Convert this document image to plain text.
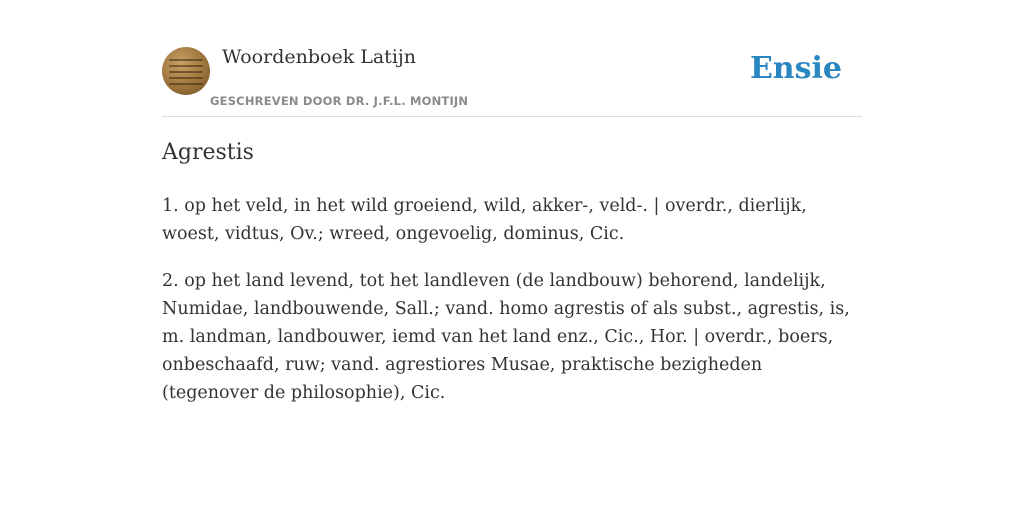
Woordenboek Latijn
GESCHREVEN DOOR DR. J.F.L. MONTIJN
Ensie
Agrestis

1. op het veld, in het wild groeiend, wild, akker-, veld-. | overdr., dierlijk, woest, vidtus, Ov.; wreed, ongevoelig, dominus, Cic.

2. op het land levend, tot het landleven (de landbouw) behorend, landelijk, Numidae, landbouwende, Sall.; vand. homo agrestis of als subst., agrestis, is, m. landman, landbouwer, iemd van het land enz., Cic., Hor. | overdr., boers, onbeschaafd, ruw; vand. agrestiores Musae, praktische bezigheden (tegenover de philosophie), Cic.
